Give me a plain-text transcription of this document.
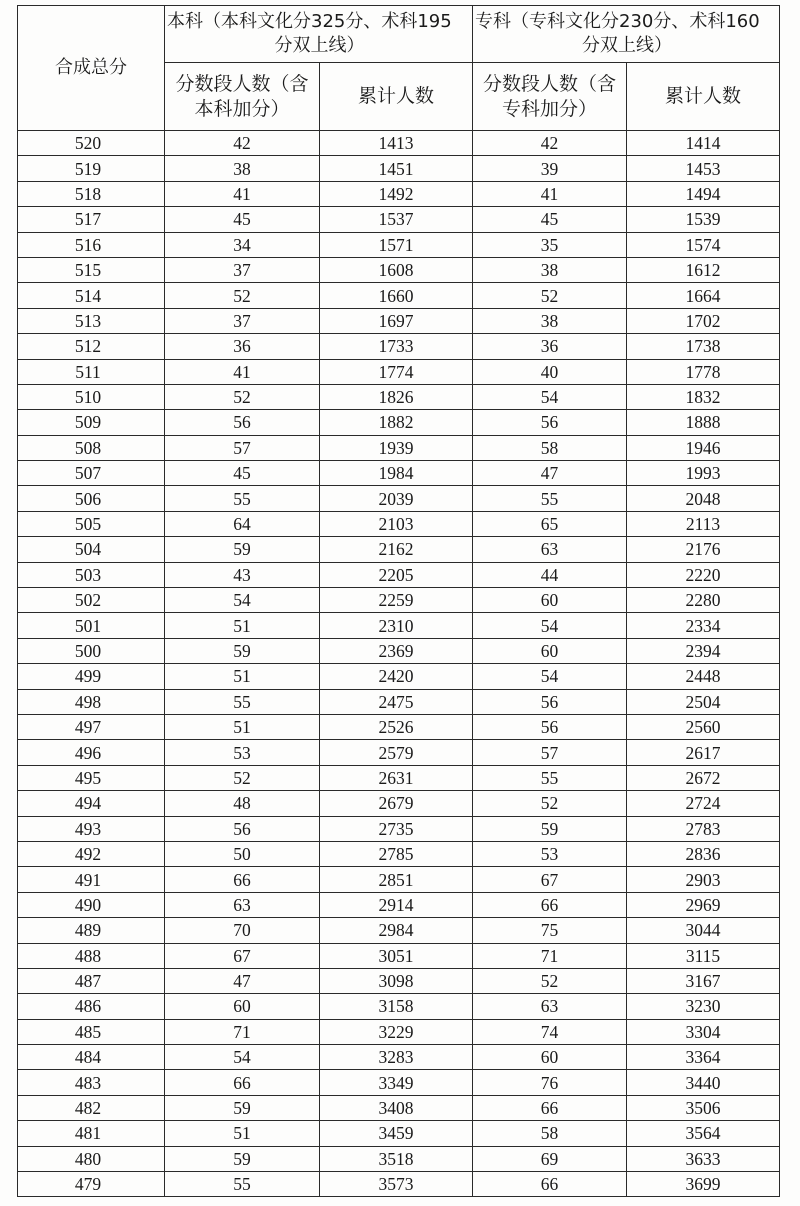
合成总分	本科（本科文化分325分、术科195
分双上线）		专科（专科文化分230分、术科160
分双上线）	

	分数段人数（含
本科加分）	累计人数	分数段人数（含
专科加分）	累计人数
520	42	1413	42	1414
519	38	1451	39	1453
518	41	1492	41	1494
517	45	1537	45	1539
516	34	1571	35	1574
515	37	1608	38	1612
514	52	1660	52	1664
513	37	1697	38	1702
512	36	1733	36	1738
511	41	1774	40	1778
510	52	1826	54	1832
509	56	1882	56	1888
508	57	1939	58	1946
507	45	1984	47	1993
506	55	2039	55	2048
505	64	2103	65	2113
504	59	2162	63	2176
503	43	2205	44	2220
502	54	2259	60	2280
501	51	2310	54	2334
500	59	2369	60	2394
499	51	2420	54	2448
498	55	2475	56	2504
497	51	2526	56	2560
496	53	2579	57	2617
495	52	2631	55	2672
494	48	2679	52	2724
493	56	2735	59	2783
492	50	2785	53	2836
491	66	2851	67	2903
490	63	2914	66	2969
489	70	2984	75	3044
488	67	3051	71	3115
487	47	3098	52	3167
486	60	3158	63	3230
485	71	3229	74	3304
484	54	3283	60	3364
483	66	3349	76	3440
482	59	3408	66	3506
481	51	3459	58	3564
480	59	3518	69	3633
479	55	3573	66	3699
